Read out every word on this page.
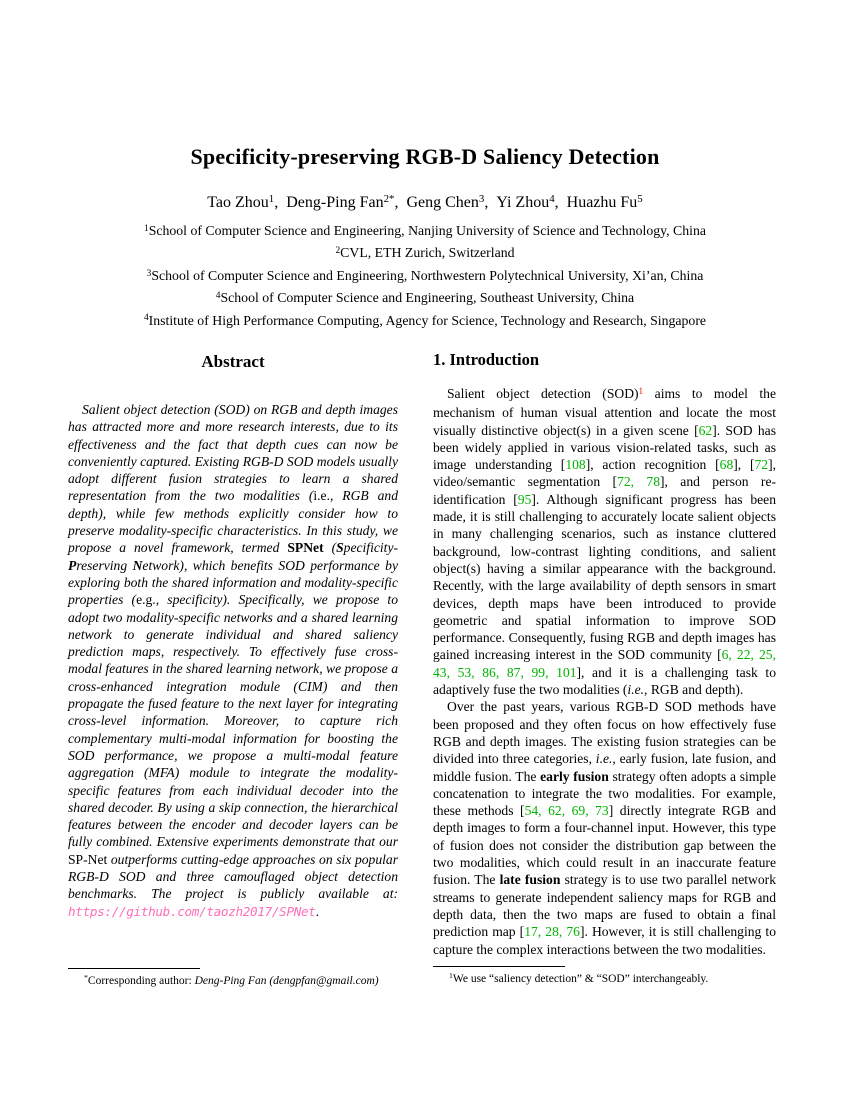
Specificity-preserving RGB-D Saliency Detection
Tao Zhou$^1$, Deng-Ping Fan$^{2*}$, Geng Chen$^3$, Yi Zhou$^4$, Huazhu Fu$^5$
$^1$School of Computer Science and Engineering, Nanjing University of Science and Technology, China
$^2$CVL, ETH Zurich, Switzerland
$^3$School of Computer Science and Engineering, Northwestern Polytechnical University, Xi’an, China
$^4$School of Computer Science and Engineering, Southeast University, China
$^4$Institute of High Performance Computing, Agency for Science, Technology and Research, Singapore
Abstract

Salient object detection (SOD) on RGB and depth images has attracted more and more research interests, due to its effectiveness and the fact that depth cues can now be conveniently captured. Existing RGB-D SOD models usually adopt different fusion strategies to learn a shared representation from the two modalities (i.e., RGB and depth), while few methods explicitly consider how to preserve modality-specific characteristics. In this study, we propose a novel framework, termed SPNet (Specificity-Preserving Network), which benefits SOD performance by exploring both the shared information and modality-specific properties (e.g., specificity). Specifically, we propose to adopt two modality-specific networks and a shared learning network to generate individual and shared saliency prediction maps, respectively. To effectively fuse cross-modal features in the shared learning network, we propose a cross-enhanced integration module (CIM) and then propagate the fused feature to the next layer for integrating cross-level information. Moreover, to capture rich complementary multi-modal information for boosting the SOD performance, we propose a multi-modal feature aggregation (MFA) module to integrate the modality-specific features from each individual decoder into the shared decoder. By using a skip connection, the hierarchical features between the encoder and decoder layers can be fully combined. Extensive experiments demonstrate that our SP-Net outperforms cutting-edge approaches on six popular RGB-D SOD and three camouflaged object detection benchmarks. The project is publicly available at: https://github.com/taozh2017/SPNet.

1. Introduction

Salient object detection (SOD)$^1$ aims to model the mechanism of human visual attention and locate the most visually distinctive object(s) in a given scene [62]. SOD has been widely applied in various vision-related tasks, such as image understanding [108], action recognition [68], [72], video/semantic segmentation [72, 78], and person re-identification [95]. Although significant progress has been made, it is still challenging to accurately locate salient objects in many challenging scenarios, such as instance cluttered background, low-contrast lighting conditions, and salient object(s) having a similar appearance with the background. Recently, with the large availability of depth sensors in smart devices, depth maps have been introduced to provide geometric and spatial information to improve SOD performance. Consequently, fusing RGB and depth images has gained increasing interest in the SOD community [6, 22, 25, 43, 53, 86, 87, 99, 101], and it is a challenging task to adaptively fuse the two modalities (i.e., RGB and depth).

Over the past years, various RGB-D SOD methods have been proposed and they often focus on how effectively fuse RGB and depth images. The existing fusion strategies can be divided into three categories, i.e., early fusion, late fusion, and middle fusion. The early fusion strategy often adopts a simple concatenation to integrate the two modalities. For example, these methods [54, 62, 69, 73] directly integrate RGB and depth images to form a four-channel input. However, this type of fusion does not consider the distribution gap between the two modalities, which could result in an inaccurate feature fusion. The late fusion strategy is to use two parallel network streams to generate independent saliency maps for RGB and depth data, then the two maps are fused to obtain a final prediction map [17, 28, 76]. However, it is still challenging to capture the complex interactions between the two modalities.

*Corresponding author: Deng-Ping Fan (dengpfan@gmail.com)	$^1$We use “saliency detection” & “SOD” interchangeably.
